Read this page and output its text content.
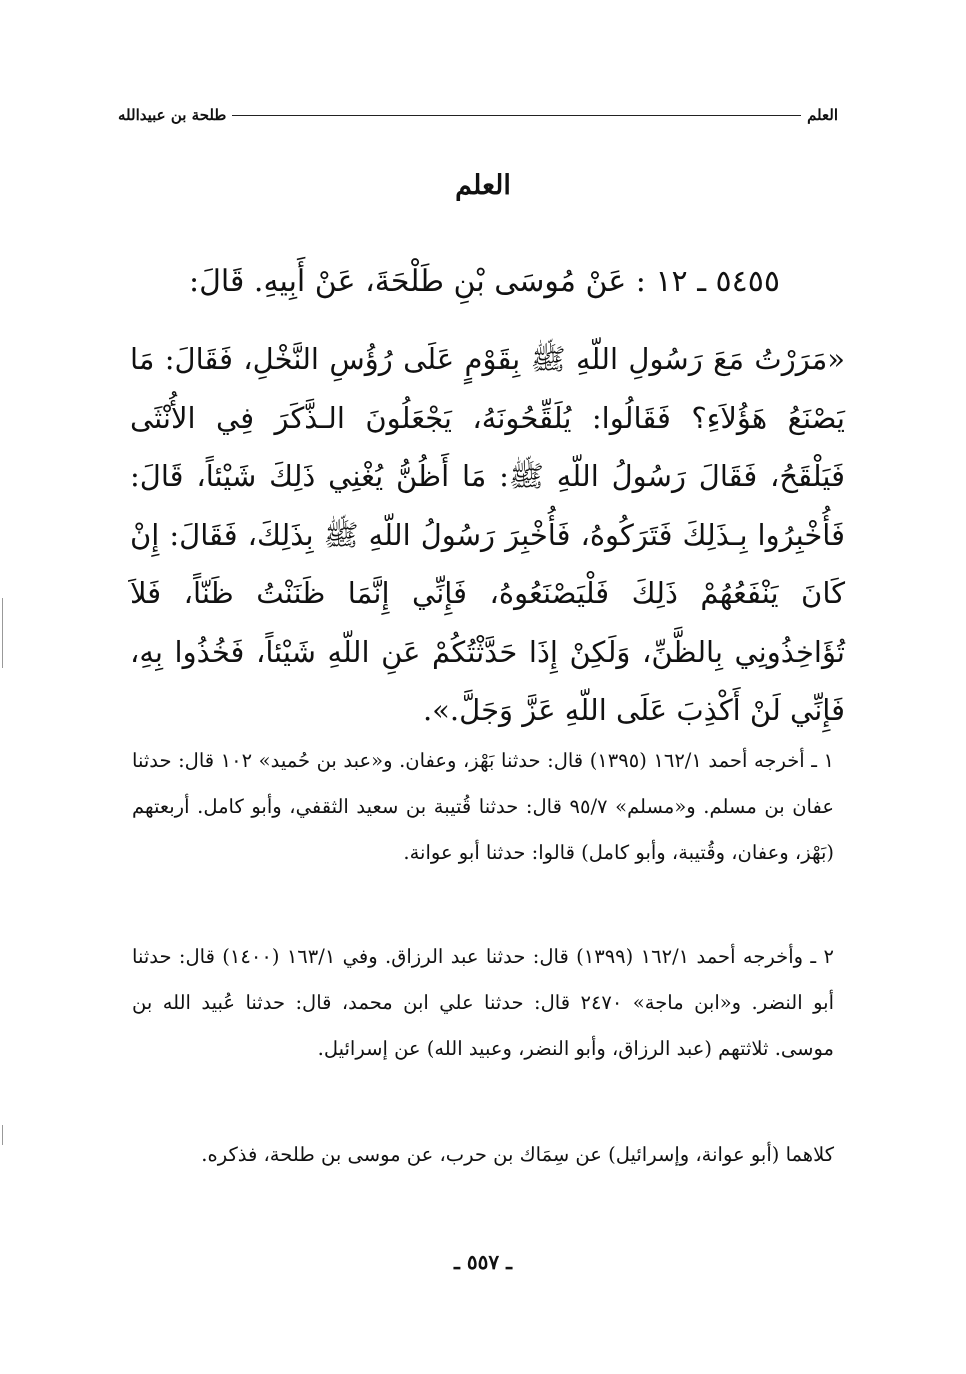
العلم
طلحة بن عبيدالله
العلم
٥٤٥٥ ـ ١٢ : عَنْ مُوسَى بْنِ طَلْحَةَ، عَنْ أَبِيهِ. قَالَ:
«مَرَرْتُ مَعَ رَسُولِ اللّهِ ﷺ بِقَوْمٍ عَلَى رُؤُسِ النَّخْلِ، فَقَالَ: مَا يَصْنَعُ هَؤُلاَءِ؟ فَقَالُوا: يُلَقِّحُونَهُ، يَجْعَلُونَ الـذَّكَرَ فِي الأُنْثَى فَيَلْقَحُ، فَقَالَ رَسُولُ اللّهِ ﷺ: مَا أَظُنُّ يُغْنِي ذَلِكَ شَيْئاً، قَالَ: فَأُخْبِرُوا بِـذَلِكَ فَتَرَكُوهُ، فَأُخْبِرَ رَسُولُ اللّهِ ﷺ بِذَلِكَ، فَقَالَ: إِنْ كَانَ يَنْفَعُهُمْ ذَلِكَ فَلْيَصْنَعُوهُ، فَإِنِّي إِنَّمَا ظَنَنْتُ ظَنّاً، فَلاَ تُؤَاخِذُونِي بِالظَّنِّ، وَلَكِنْ إِذَا حَدَّثْتُكُمْ عَنِ اللّهِ شَيْئاً، فَخُذُوا بِهِ، فَإِنِّي لَنْ أَكْذِبَ عَلَى اللّهِ عَزَّ وَجَلَّ.».
١ ـ أخرجه أحمد ١٦٢/١ (١٣٩٥) قال: حدثنا بَهْز، وعفان. و«عبد بن حُميد» ١٠٢ قال: حدثنا عفان بن مسلم. و«مسلم» ٩٥/٧ قال: حدثنا قُتيبة بن سعيد الثقفي، وأبو كامل. أربعتهم (بَهْز، وعفان، وقُتيبة، وأبو كامل) قالوا: حدثنا أبو عوانة.
٢ ـ وأخرجه أحمد ١٦٢/١ (١٣٩٩) قال: حدثنا عبد الرزاق. وفي ١٦٣/١ (١٤٠٠) قال: حدثنا أبو النضر. و«ابن ماجة» ٢٤٧٠ قال: حدثنا علي ابن محمد، قال: حدثنا عُبيد الله بن موسى. ثلاثتهم (عبد الرزاق، وأبو النضر، وعبيد الله) عن إسرائيل.
كلاهما (أبو عوانة، وإسرائيل) عن سِمَاك بن حرب، عن موسى بن طلحة، فذكره.
ـ ٥٥٧ ـ
